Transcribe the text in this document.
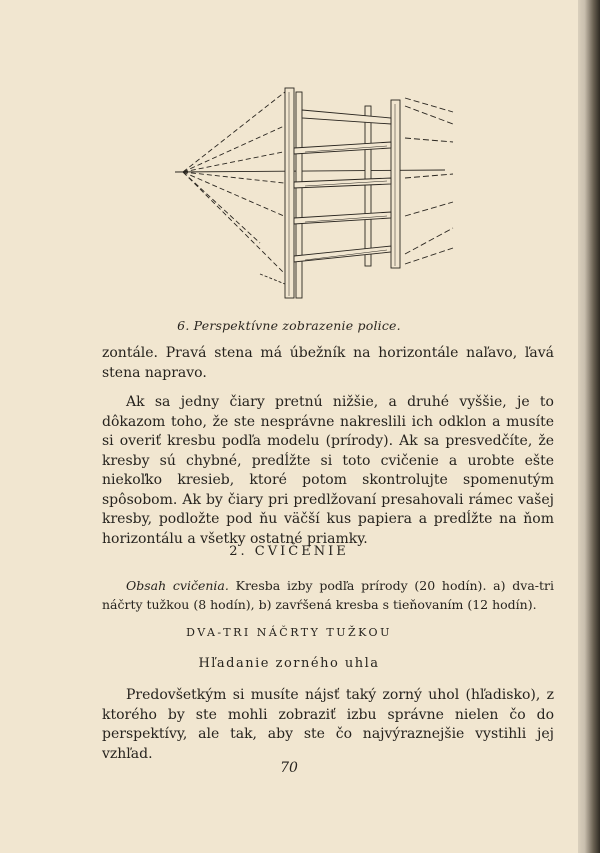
6. Perspektívne zobrazenie police.

zontále. Pravá stena má úbežník na horizontále naľavo, ľavá stena napravo.

Ak sa jedny čiary pretnú nižšie, a druhé vyššie, je to dôkazom toho, že ste nesprávne nakreslili ich odklon a musíte si overiť kresbu podľa modelu (prírody). Ak sa presvedčíte, že kresby sú chybné, predĺžte si toto cvičenie a urobte ešte niekoľko kresieb, ktoré potom skontrolujte spomenutým spôsobom. Ak by čiary pri predlžovaní presahovali rámec vašej kresby, podložte pod ňu väčší kus papiera a predĺžte na ňom horizontálu a všetky ostatné priamky.

2. CVIČENIE
Obsah cvičenia. Kresba izby podľa prírody (20 hodín). a) dva-tri náčrty tužkou (8 hodín), b) zavŕšená kresba s tieňovaním (12 hodín).
DVA-TRI NÁČRTY TUŽKOU
Hľadanie zorného uhla
Predovšetkým si musíte nájsť taký zorný uhol (hľadisko), z ktorého by ste mohli zobraziť izbu správne nielen čo do perspektívy, ale tak, aby ste čo najvýraznejšie vystihli jej vzhľad.
70
